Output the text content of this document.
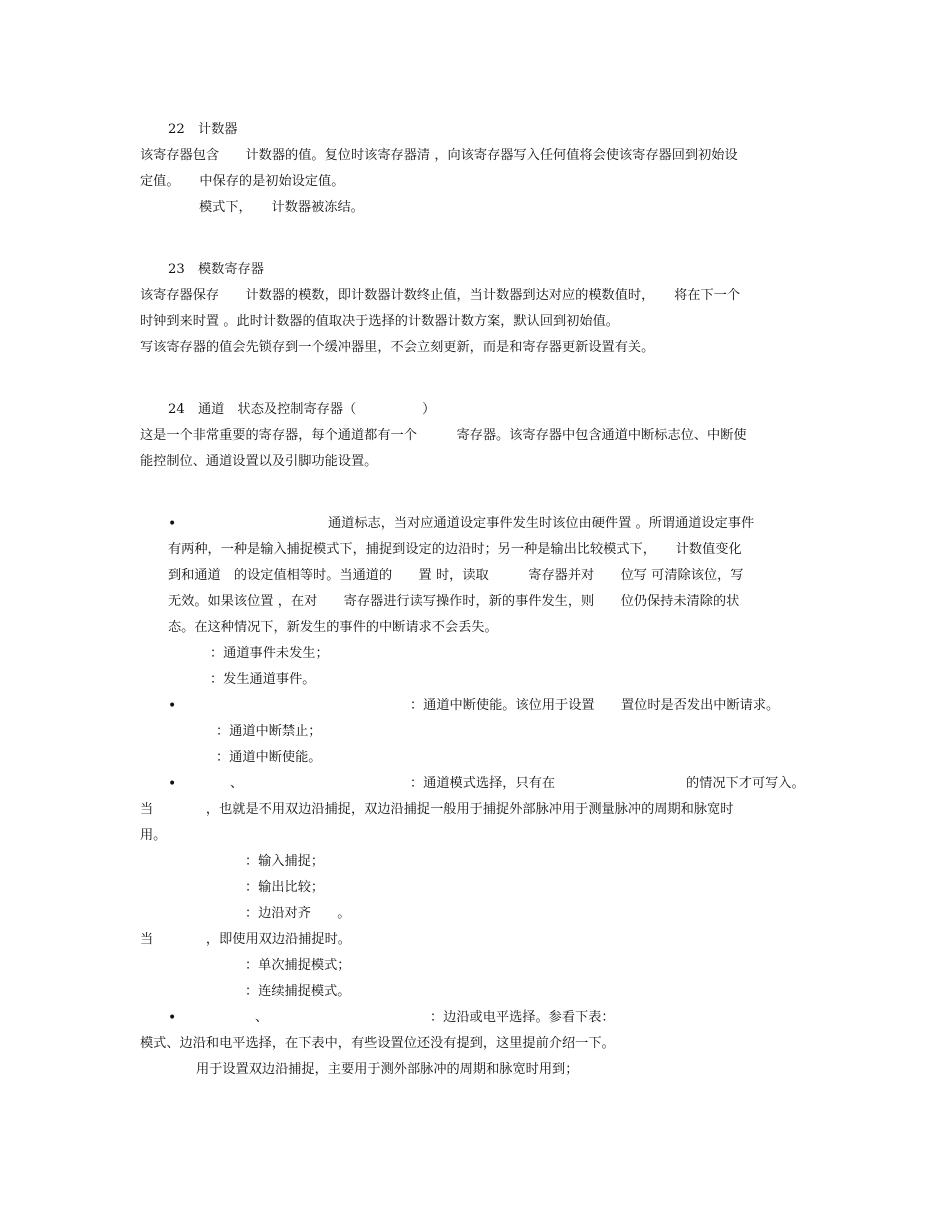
22　计数器
该寄存器包含　　计数器的值。复位时该寄存器清 ，向该寄存器写入任何值将会使该寄存器回到初始设
定值。　　中保存的是初始设定值。
模式下，　　计数器被冻结。
23　模数寄存器
该寄存器保存　　计数器的模数，即计数器计数终止值，当计数器到达对应的模数值时，　　将在下一个
时钟到来时置 。此时计数器的值取决于选择的计数器计数方案，默认回到初始值。
写该寄存器的值会先锁存到一个缓冲器里，不会立刻更新，而是和寄存器更新设置有关。
24　通道　状态及控制寄存器（　　　　　）
这是一个非常重要的寄存器，每个通道都有一个　　　寄存器。该寄存器中包含通道中断标志位、中断使
能控制位、通道设置以及引脚功能设置。
•	通道标志，当对应通道设定事件发生时该位由硬件置 。所谓通道设定事件
有两种，一种是输入捕捉模式下，捕捉到设定的边沿时；另一种是输出比较模式下，　　计数值变化
到和通道　的设定值相等时。当通道的　　置 时，读取　　　寄存器并对　　位写 可清除该位，写
无效。如果该位置 ，在对　　寄存器进行读写操作时，新的事件发生，则　　位仍保持未清除的状
态。在这种情况下，新发生的事件的中断请求不会丢失。
：通道事件未发生；
：发生通道事件。
•	：通道中断使能。该位用于设置　　置位时是否发出中断请求。
：通道中断禁止；
：通道中断使能。
•	、	：通道模式选择，只有在	的情况下才可写入。
当　　　　，也就是不用双边沿捕捉，双边沿捕捉一般用于捕捉外部脉冲用于测量脉冲的周期和脉宽时
用。
：输入捕捉；
：输出比较；
：边沿对齐　　。
当　　　　，即使用双边沿捕捉时。
：单次捕捉模式；
：连续捕捉模式。
•	、	：边沿或电平选择。参看下表：
模式、边沿和电平选择，在下表中，有些设置位还没有提到，这里提前介绍一下。
用于设置双边沿捕捉，主要用于测外部脉冲的周期和脉宽时用到；
